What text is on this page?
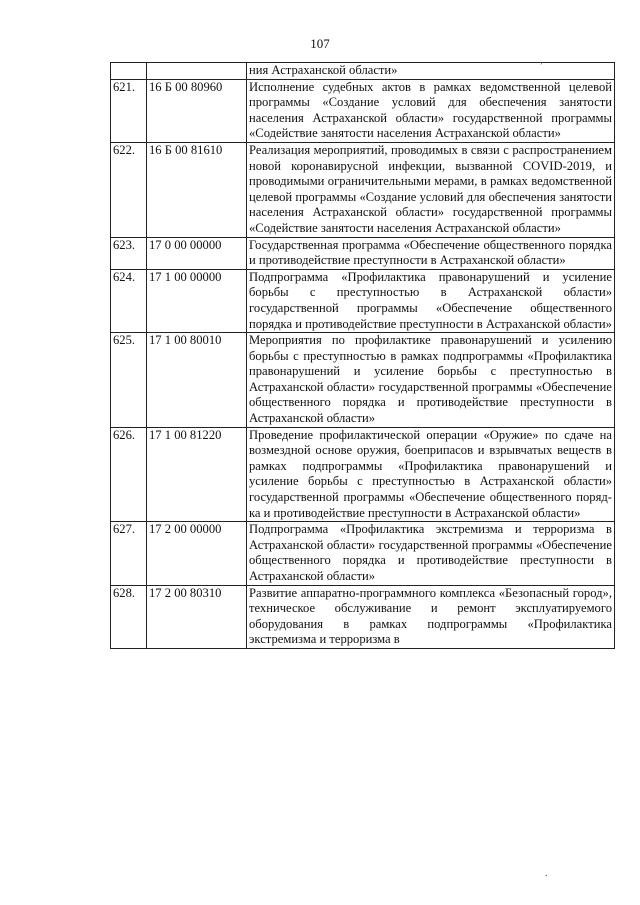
107
		ния Астраханской области»
621.	16 Б 00 80960	Исполнение судебных актов в рамках ведомственной целевой программы «Создание условий для обеспечения занятости населения Астраханской области» государственной программы «Содействие занятости населения Астраханской области»
622.	16 Б 00 81610	Реализация мероприятий, проводимых в связи с распространением новой коронавирусной инфекции, вызванной COVID-2019, и проводимыми ограничительными мерами, в рамках ведомственной целевой программы «Создание условий для обеспечения занятости населения Астраханской области» государственной программы «Содействие занятости населения Астраханской области»
623.	17 0 00 00000	Государственная программа «Обеспечение общественного порядка и противодействие преступности в Астраханской области»
624.	17 1 00 00000	Подпрограмма «Профилактика правонарушений и усиление борьбы с преступностью в Астраханской области» государственной программы «Обеспечение общественного порядка и противодействие преступности в Астраханской области»
625.	17 1 00 80010	Мероприятия по профилактике правонарушений и усилению борьбы с преступностью в рамках подпрограммы «Профилактика правонарушений и усиление борьбы с преступностью в Астраханской области» государственной программы «Обеспечение общественного порядка и противодействие преступности в Астраханской области»
626.	17 1 00 81220	Проведение профилактической операции «Оружие» по сдаче на возмездной основе оружия, боеприпасов и взрывчатых веществ в рамках подпрограммы «Профилактика правонарушений и усиление борьбы с преступностью в Астраханской области» государственной программы «Обеспечение общественного порядка и противодействие преступности в Астраханской области»
627.	17 2 00 00000	Подпрограмма «Профилактика экстремизма и терроризма в Астраханской области» государственной программы «Обеспечение общественного порядка и противодействие преступности в Астраханской области»
628.	17 2 00 80310	Развитие аппаратно-программного комплекса «Безопасный город», техническое обслуживание и ремонт эксплуатируемого оборудования в рамках подпрограммы «Профилактика экстремизма и терроризма в
,
.
